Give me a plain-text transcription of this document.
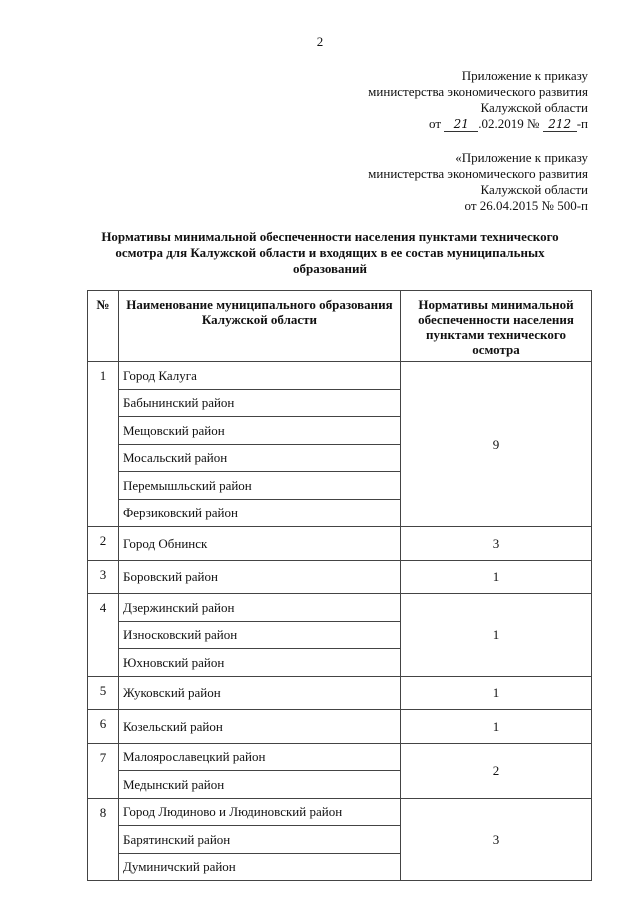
2
Приложение к приказу
министерства экономического развития
Калужской области
от 21 .02.2019 № 212 -п
«Приложение к приказу
министерства экономического развития
Калужской области
от 26.04.2015 № 500-п
Нормативы минимальной обеспеченности населения пунктами технического осмотра для Калужской области и входящих в ее состав муниципальных образований
№	Наименование муниципального образования Калужской области	Нормативы минимальной обеспеченности населения пунктами технического осмотра
1	Город Калуга	9
	Бабынинский район	
	Мещовский район	
	Мосальский район	
	Перемышльский район	
	Ферзиковский район	
2	Город Обнинск	3
3	Боровский район	1
4	Дзержинский район	1
	Износковский район	
	Юхновский район	
5	Жуковский район	1
6	Козельский район	1
7	Малоярославецкий район	2
	Медынский район	
8	Город Людиново и Людиновский район	3
	Барятинский район	
	Думиничский район	
